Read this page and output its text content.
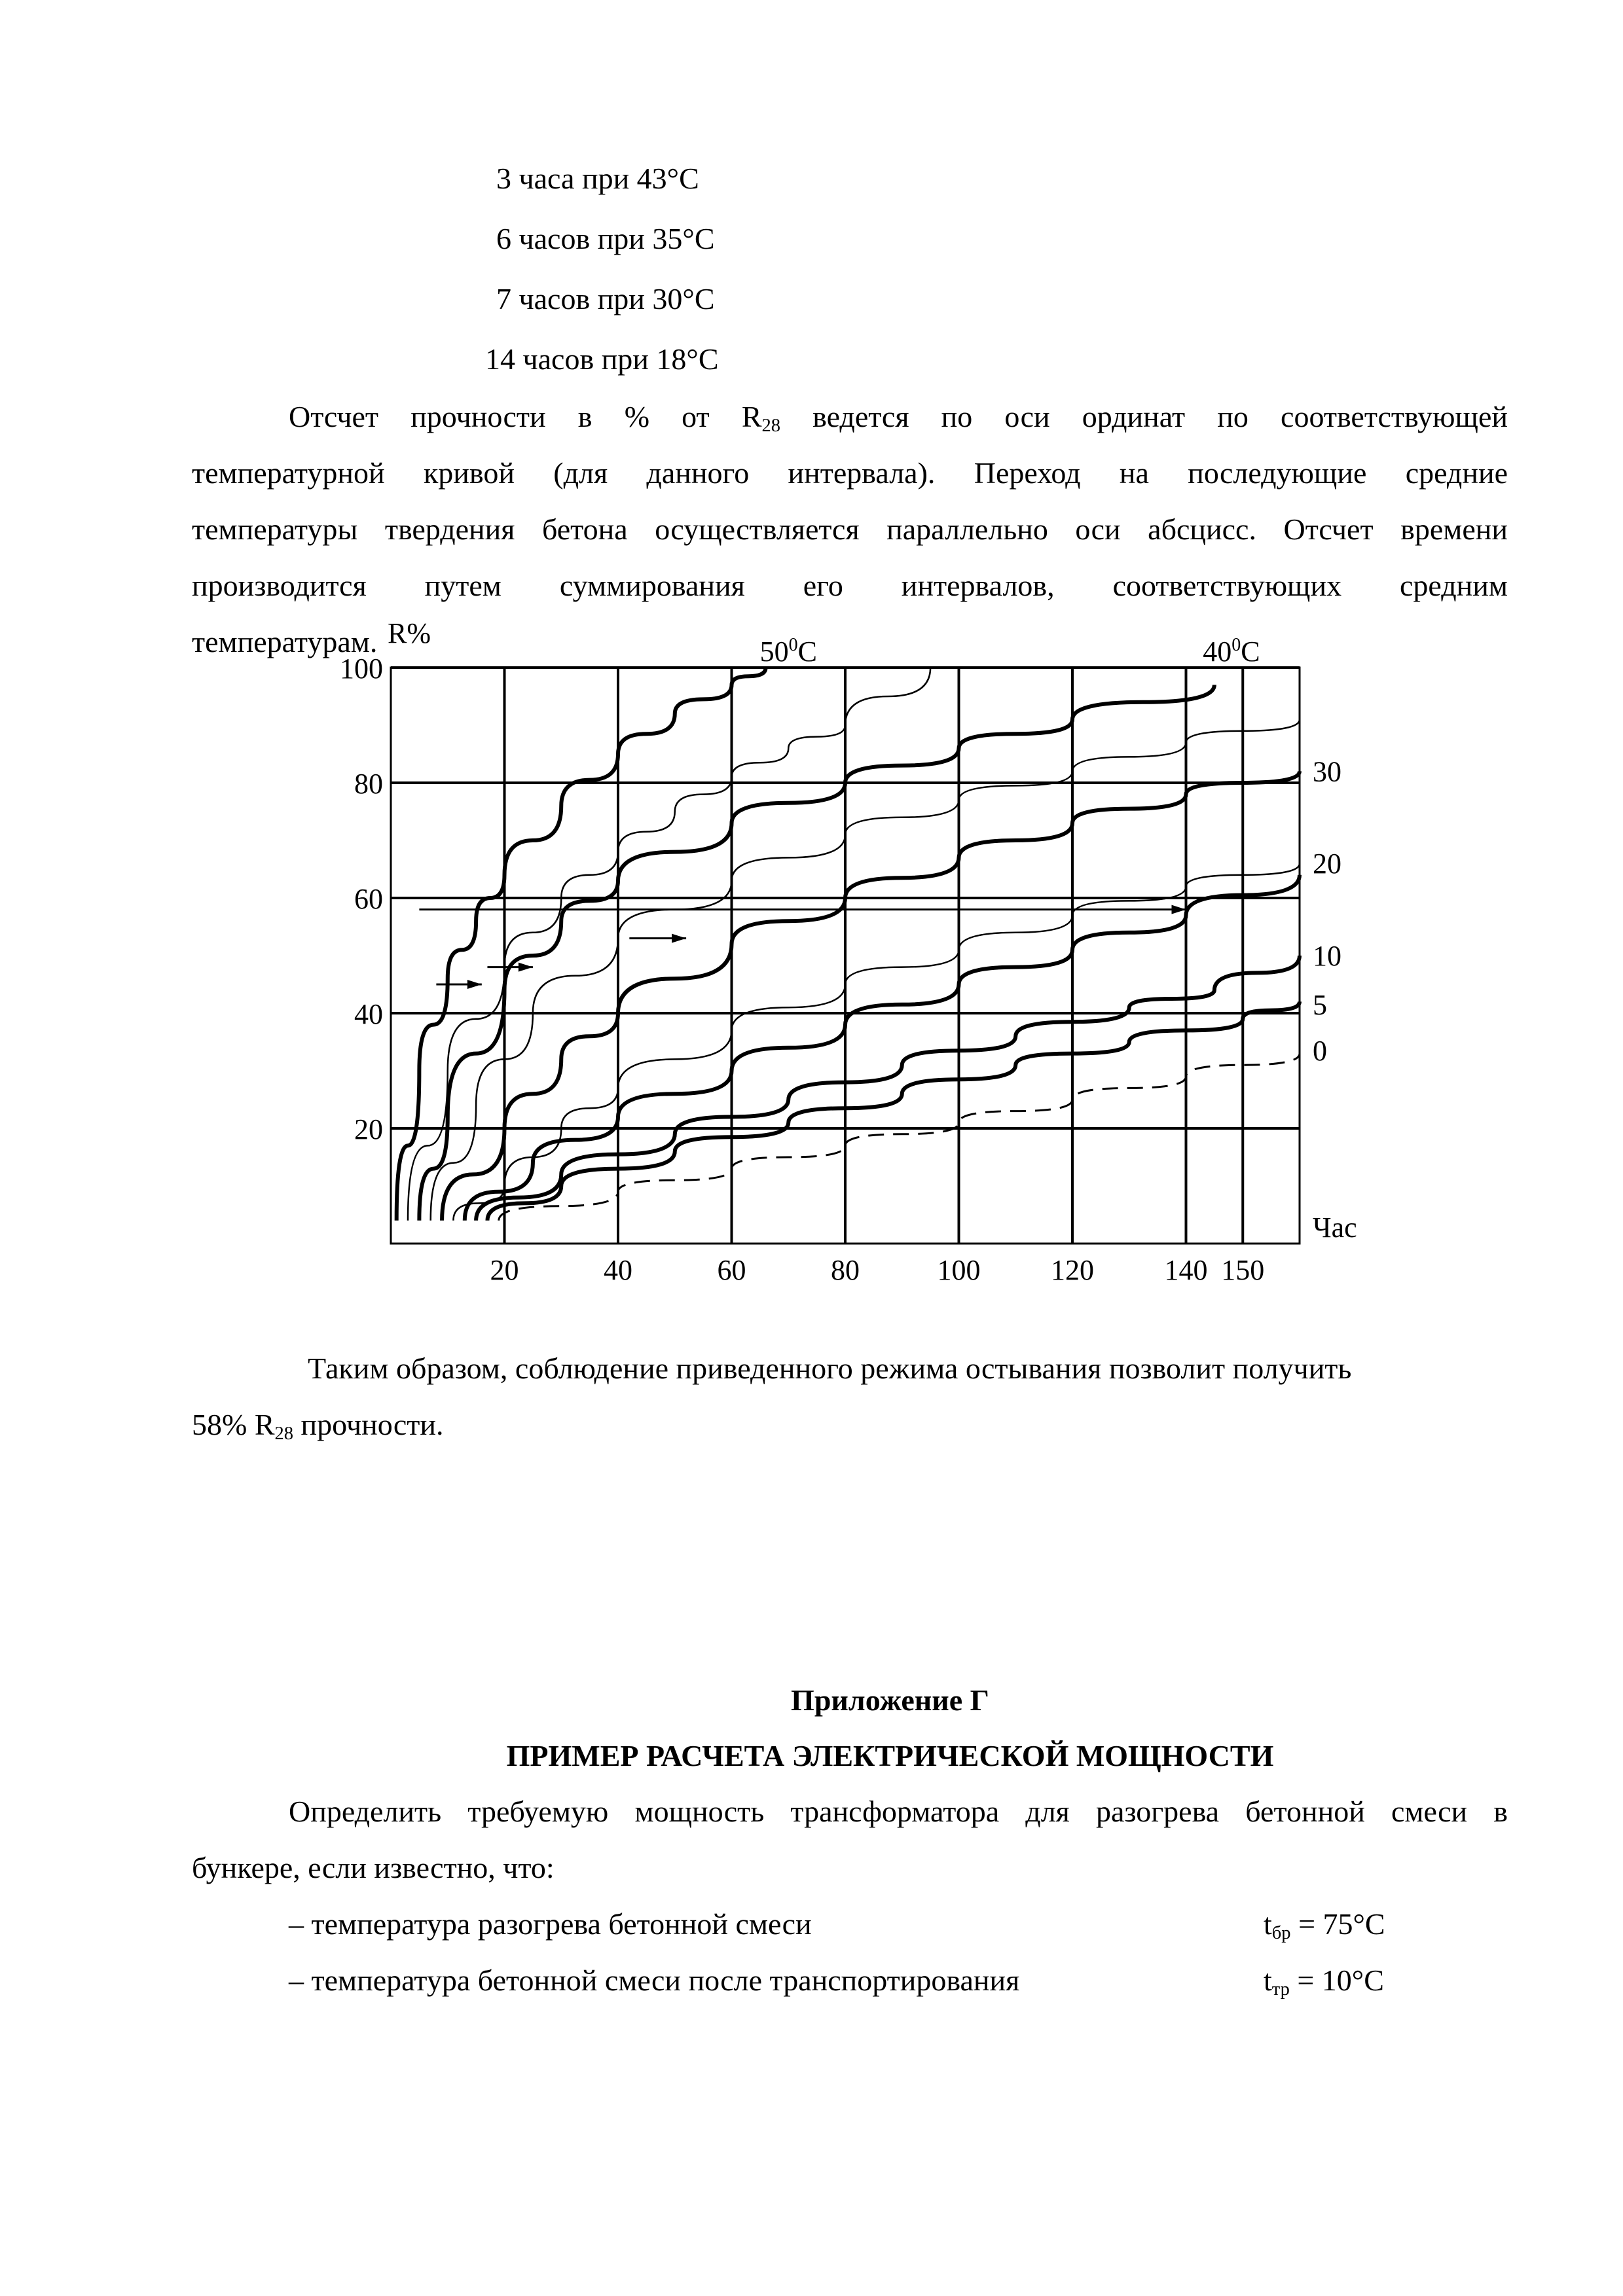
3 часа при 43°С
6 часов при 35°С
7 часов при 30°С
14 часов при 18°С
Отсчет прочности в % от $R_{28}$ ведется по оси ординат по соответствующей
температурной кривой (для данного интервала). Переход на последующие средние
температуры твердения бетона осуществляется параллельно оси абсцисс. Отсчет времени
производится путем суммирования его интервалов, соответствующих средним
температурам.
20	40	60	80	100 120 140 150
20
40
60
80
100
R%
Час
$50^0С$	$40^0С$
30
20
10
5
0
Таким образом, соблюдение приведенного режима остывания позволит получить
58% $R_{28}$ прочности.
Приложение Г
ПРИМЕР РАСЧЕТА ЭЛЕКТРИЧЕСКОЙ МОЩНОСТИ
Определить требуемую мощность трансформатора для разогрева бетонной смеси в
бункере, если известно, что:
– температура разогрева бетонной смеси	$t_{бр} = 75^\circ С$
– температура бетонной смеси после транспортирования	$t_{тр} = 10^\circ С$
